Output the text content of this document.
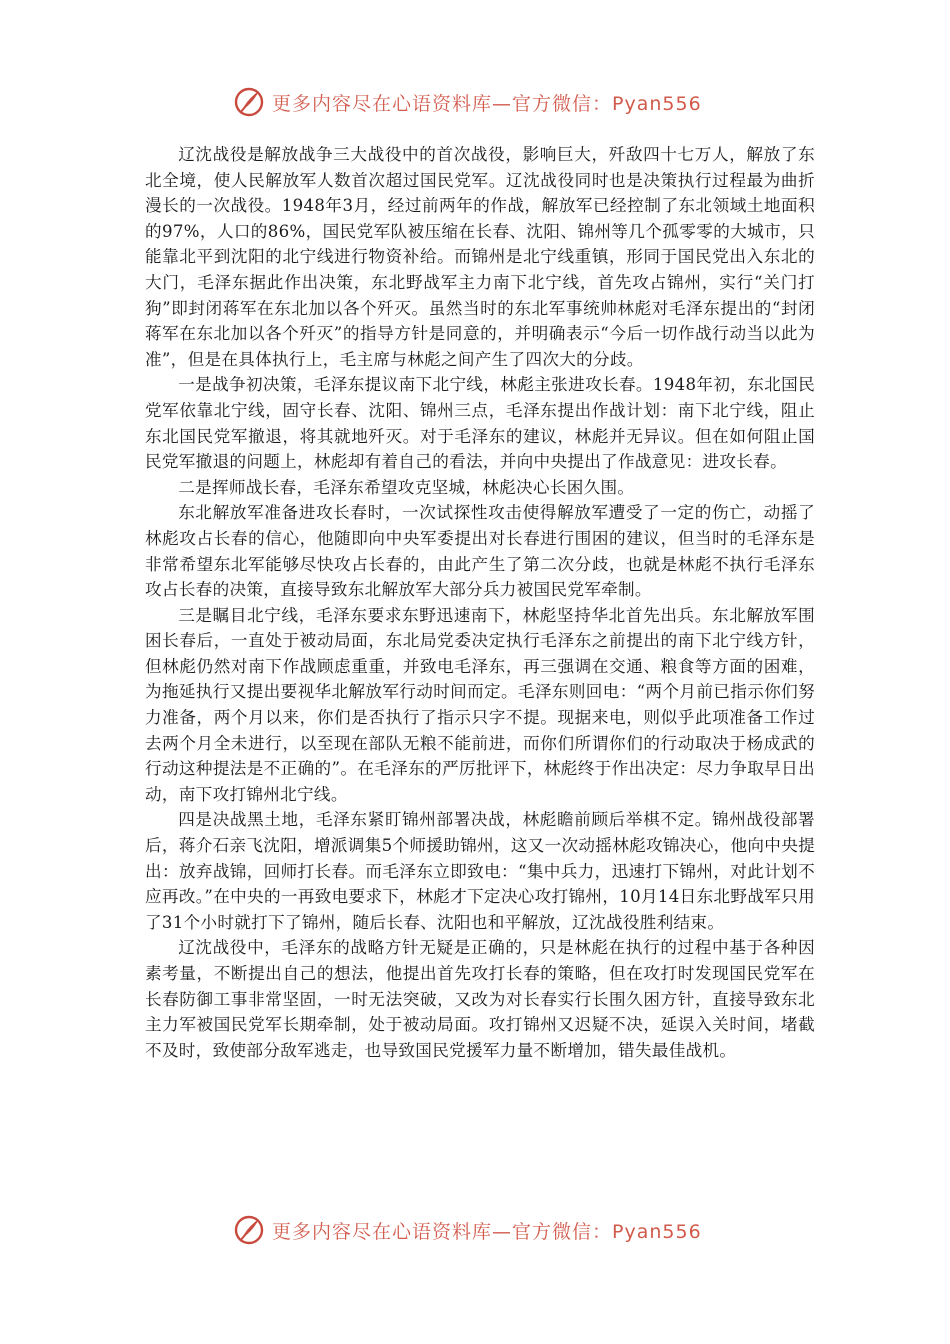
更多内容尽在心语资料库—官方微信：Pyan556

辽沈战役是解放战争三大战役中的首次战役，影响巨大，歼敌四十七万人，解放了东北全境，使人民解放军人数首次超过国民党军。辽沈战役同时也是决策执行过程最为曲折漫长的一次战役。1948年3月，经过前两年的作战，解放军已经控制了东北领域土地面积的97%，人口的86%，国民党军队被压缩在长春、沈阳、锦州等几个孤零零的大城市，只能靠北平到沈阳的北宁线进行物资补给。而锦州是北宁线重镇，形同于国民党出入东北的大门，毛泽东据此作出决策，东北野战军主力南下北宁线，首先攻占锦州，实行“关门打狗”即封闭蒋军在东北加以各个歼灭。虽然当时的东北军事统帅林彪对毛泽东提出的“封闭蒋军在东北加以各个歼灭”的指导方针是同意的，并明确表示“今后一切作战行动当以此为准”，但是在具体执行上，毛主席与林彪之间产生了四次大的分歧。

一是战争初决策，毛泽东提议南下北宁线，林彪主张进攻长春。1948年初，东北国民党军依靠北宁线，固守长春、沈阳、锦州三点，毛泽东提出作战计划：南下北宁线，阻止东北国民党军撤退，将其就地歼灭。对于毛泽东的建议，林彪并无异议。但在如何阻止国民党军撤退的问题上，林彪却有着自己的看法，并向中央提出了作战意见：进攻长春。

二是挥师战长春，毛泽东希望攻克坚城，林彪决心长困久围。

东北解放军准备进攻长春时，一次试探性攻击使得解放军遭受了一定的伤亡，动摇了林彪攻占长春的信心，他随即向中央军委提出对长春进行围困的建议，但当时的毛泽东是非常希望东北军能够尽快攻占长春的，由此产生了第二次分歧，也就是林彪不执行毛泽东攻占长春的决策，直接导致东北解放军大部分兵力被国民党军牵制。

三是瞩目北宁线，毛泽东要求东野迅速南下，林彪坚持华北首先出兵。东北解放军围困长春后，一直处于被动局面，东北局党委决定执行毛泽东之前提出的南下北宁线方针，但林彪仍然对南下作战顾虑重重，并致电毛泽东，再三强调在交通、粮食等方面的困难，为拖延执行又提出要视华北解放军行动时间而定。毛泽东则回电：“两个月前已指示你们努力准备，两个月以来，你们是否执行了指示只字不提。现据来电，则似乎此项准备工作过去两个月全未进行，以至现在部队无粮不能前进，而你们所谓你们的行动取决于杨成武的行动这种提法是不正确的”。在毛泽东的严厉批评下，林彪终于作出决定：尽力争取早日出动，南下攻打锦州北宁线。

四是决战黑土地，毛泽东紧盯锦州部署决战，林彪瞻前顾后举棋不定。锦州战役部署后，蒋介石亲飞沈阳，增派调集5个师援助锦州，这又一次动摇林彪攻锦决心，他向中央提出：放弃战锦，回师打长春。而毛泽东立即致电：“集中兵力，迅速打下锦州，对此计划不应再改。”在中央的一再致电要求下，林彪才下定决心攻打锦州，10月14日东北野战军只用了31个小时就打下了锦州，随后长春、沈阳也和平解放，辽沈战役胜利结束。

辽沈战役中，毛泽东的战略方针无疑是正确的，只是林彪在执行的过程中基于各种因素考量，不断提出自己的想法，他提出首先攻打长春的策略，但在攻打时发现国民党军在长春防御工事非常坚固，一时无法突破，又改为对长春实行长围久困方针，直接导致东北主力军被国民党军长期牵制，处于被动局面。攻打锦州又迟疑不决，延误入关时间，堵截不及时，致使部分敌军逃走，也导致国民党援军力量不断增加，错失最佳战机。

更多内容尽在心语资料库—官方微信：Pyan556
